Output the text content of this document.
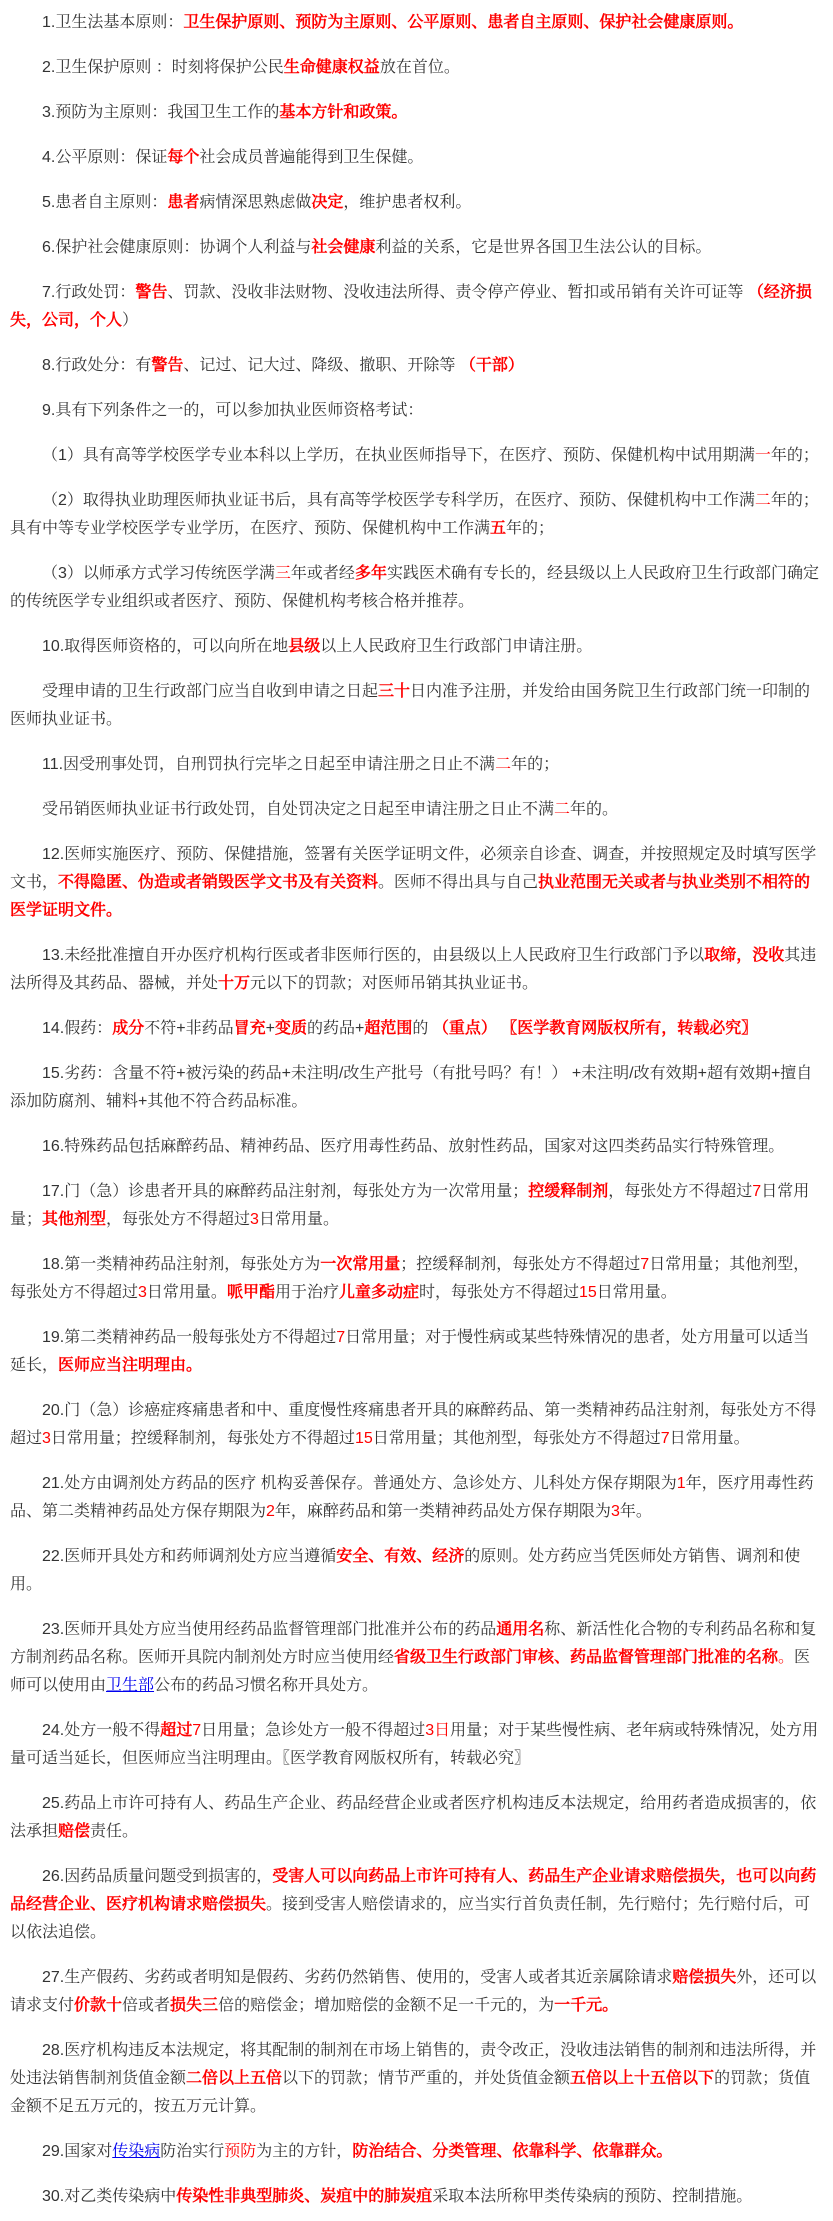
1.卫生法基本原则：卫生保护原则、预防为主原则、公平原则、患者自主原则、保护社会健康原则。

2.卫生保护原则 ：时刻将保护公民生命健康权益放在首位。

3.预防为主原则：我国卫生工作的基本方针和政策。

4.公平原则：保证每个社会成员普遍能得到卫生保健。

5.患者自主原则：患者病情深思熟虑做决定，维护患者权利。

6.保护社会健康原则：协调个人利益与社会健康利益的关系，它是世界各国卫生法公认的目标。

7.行政处罚：警告、罚款、没收非法财物、没收违法所得、责令停产停业、暂扣或吊销有关许可证等 （经济损失，公司，个人）

8.行政处分：有警告、记过、记大过、降级、撤职、开除等 （干部）

9.具有下列条件之一的，可以参加执业医师资格考试：

（1）具有高等学校医学专业本科以上学历，在执业医师指导下，在医疗、预防、保健机构中试用期满一年的；

（2）取得执业助理医师执业证书后，具有高等学校医学专科学历，在医疗、预防、保健机构中工作满二年的；具有中等专业学校医学专业学历，在医疗、预防、保健机构中工作满五年的；

（3）以师承方式学习传统医学满三年或者经多年实践医术确有专长的，经县级以上人民政府卫生行政部门确定的传统医学专业组织或者医疗、预防、保健机构考核合格并推荐。

10.取得医师资格的，可以向所在地县级以上人民政府卫生行政部门申请注册。

受理申请的卫生行政部门应当自收到申请之日起三十日内准予注册，并发给由国务院卫生行政部门统一印制的医师执业证书。

11.因受刑事处罚，自刑罚执行完毕之日起至申请注册之日止不满二年的；

受吊销医师执业证书行政处罚，自处罚决定之日起至申请注册之日止不满二年的。

12.医师实施医疗、预防、保健措施，签署有关医学证明文件，必须亲自诊查、调查，并按照规定及时填写医学文书，不得隐匿、伪造或者销毁医学文书及有关资料。医师不得出具与自己执业范围无关或者与执业类别不相符的医学证明文件。

13.未经批准擅自开办医疗机构行医或者非医师行医的，由县级以上人民政府卫生行政部门予以取缔，没收其违法所得及其药品、器械，并处十万元以下的罚款；对医师吊销其执业证书。

14.假药：成分不符+非药品冒充+变质的药品+超范围的 （重点） 〖医学教育网版权所有，转载必究〗

15.劣药：含量不符+被污染的药品+未注明/改生产批号（有批号吗？有！） +未注明/改有效期+超有效期+擅自添加防腐剂、辅料+其他不符合药品标准。

16.特殊药品包括麻醉药品、精神药品、医疗用毒性药品、放射性药品，国家对这四类药品实行特殊管理。

17.门（急）诊患者开具的麻醉药品注射剂，每张处方为一次常用量；控缓释制剂，每张处方不得超过7日常用量；其他剂型，每张处方不得超过3日常用量。

18.第一类精神药品注射剂，每张处方为一次常用量；控缓释制剂，每张处方不得超过7日常用量；其他剂型，每张处方不得超过3日常用量。哌甲酯用于治疗儿童多动症时，每张处方不得超过15日常用量。

19.第二类精神药品一般每张处方不得超过7日常用量；对于慢性病或某些特殊情况的患者，处方用量可以适当延长，医师应当注明理由。

20.门（急）诊癌症疼痛患者和中、重度慢性疼痛患者开具的麻醉药品、第一类精神药品注射剂，每张处方不得超过3日常用量；控缓释制剂，每张处方不得超过15日常用量；其他剂型，每张处方不得超过7日常用量。

21.处方由调剂处方药品的医疗 机构妥善保存。普通处方、急诊处方、儿科处方保存期限为1年，医疗用毒性药品、第二类精神药品处方保存期限为2年，麻醉药品和第一类精神药品处方保存期限为3年。

22.医师开具处方和药师调剂处方应当遵循安全、有效、经济的原则。处方药应当凭医师处方销售、调剂和使用。

23.医师开具处方应当使用经药品监督管理部门批准并公布的药品通用名称、新活性化合物的专利药品名称和复方制剂药品名称。医师开具院内制剂处方时应当使用经省级卫生行政部门审核、药品监督管理部门批准的名称。医师可以使用由卫生部公布的药品习惯名称开具处方。

24.处方一般不得超过7日用量；急诊处方一般不得超过3日用量；对于某些慢性病、老年病或特殊情况，处方用量可适当延长，但医师应当注明理由。〖医学教育网版权所有，转载必究〗

25.药品上市许可持有人、药品生产企业、药品经营企业或者医疗机构违反本法规定，给用药者造成损害的，依法承担赔偿责任。

26.因药品质量问题受到损害的，受害人可以向药品上市许可持有人、药品生产企业请求赔偿损失，也可以向药品经营企业、医疗机构请求赔偿损失。接到受害人赔偿请求的，应当实行首负责任制，先行赔付；先行赔付后，可以依法追偿。

27.生产假药、劣药或者明知是假药、劣药仍然销售、使用的，受害人或者其近亲属除请求赔偿损失外，还可以请求支付价款十倍或者损失三倍的赔偿金；增加赔偿的金额不足一千元的，为一千元。

28.医疗机构违反本法规定，将其配制的制剂在市场上销售的，责令改正，没收违法销售的制剂和违法所得，并处违法销售制剂货值金额二倍以上五倍以下的罚款；情节严重的，并处货值金额五倍以上十五倍以下的罚款；货值金额不足五万元的，按五万元计算。

29.国家对传染病防治实行预防为主的方针，防治结合、分类管理、依靠科学、依靠群众。

30.对乙类传染病中传染性非典型肺炎、炭疽中的肺炭疽采取本法所称甲类传染病的预防、控制措施。
